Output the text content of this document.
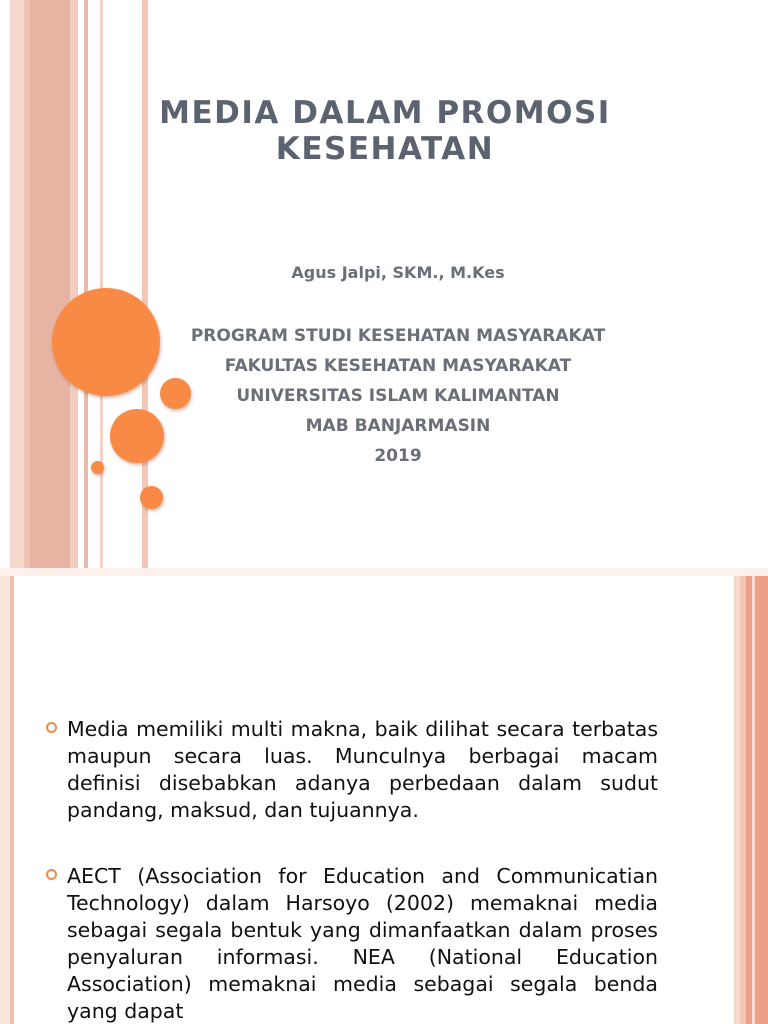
MEDIA DALAM PROMOSI
KESEHATAN
Agus Jalpi, SKM., M.Kes
PROGRAM STUDI KESEHATAN MASYARAKAT
FAKULTAS KESEHATAN MASYARAKAT
UNIVERSITAS ISLAM KALIMANTAN
MAB BANJARMASIN
2019

Media memiliki multi makna, baik dilihat secara terbatas maupun secara luas. Munculnya berbagai macam definisi disebabkan adanya perbedaan dalam sudut pandang, maksud, dan tujuannya.

AECT (Association for Education and Communicatian Technology) dalam Harsoyo (2002) memaknai media sebagai segala bentuk yang dimanfaatkan dalam proses penyaluran informasi. NEA (National Education Association) memaknai media sebagai segala benda yang dapat
